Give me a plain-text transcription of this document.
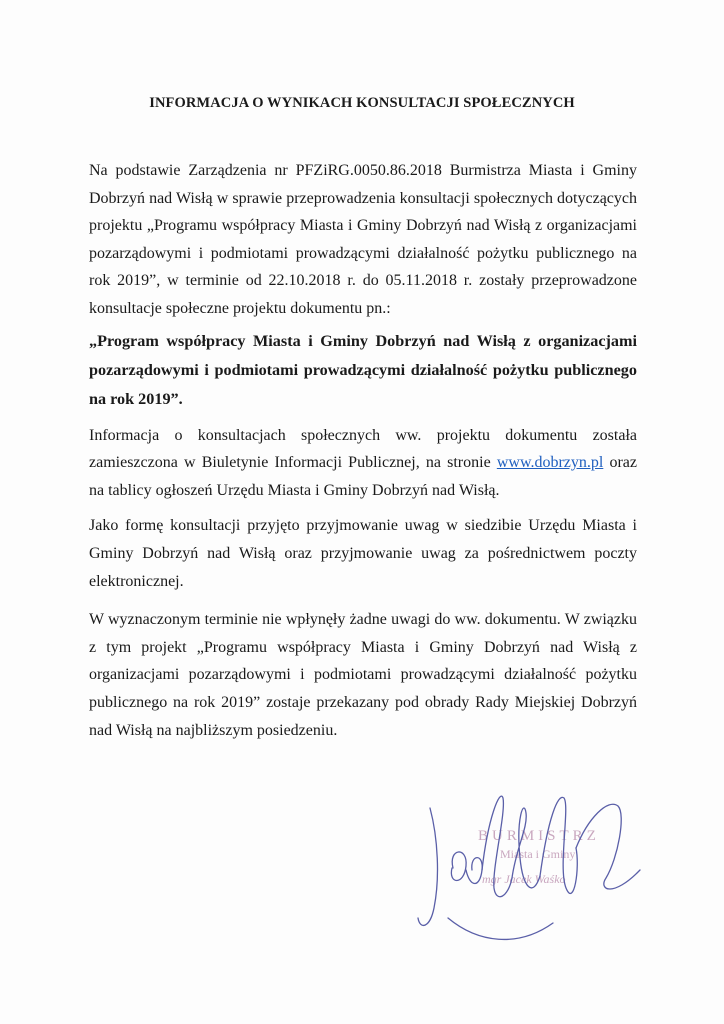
INFORMACJA O WYNIKACH KONSULTACJI SPOŁECZNYCH

Na podstawie Zarządzenia nr PFZiRG.0050.86.2018 Burmistrza Miasta i Gminy Dobrzyń nad Wisłą w sprawie przeprowadzenia konsultacji społecznych dotyczących projektu „Programu współpracy Miasta i Gminy Dobrzyń nad Wisłą z organizacjami pozarządowymi i podmiotami prowadzącymi działalność pożytku publicznego na rok 2019”, w terminie od 22.10.2018 r. do 05.11.2018 r. zostały przeprowadzone konsultacje społeczne projektu dokumentu pn.:

„Program współpracy Miasta i Gminy Dobrzyń nad Wisłą z organizacjami pozarządowymi i podmiotami prowadzącymi działalność pożytku publicznego na rok 2019”.

Informacja o konsultacjach społecznych ww. projektu dokumentu została zamieszczona w Biuletynie Informacji Publicznej, na stronie www.dobrzyn.pl oraz na tablicy ogłoszeń Urzędu Miasta i Gminy Dobrzyń nad Wisłą.

Jako formę konsultacji przyjęto przyjmowanie uwag w siedzibie Urzędu Miasta i Gminy Dobrzyń nad Wisłą oraz przyjmowanie uwag za pośrednictwem poczty elektronicznej.

W wyznaczonym terminie nie wpłynęły żadne uwagi do ww. dokumentu. W związku z tym projekt „Programu współpracy Miasta i Gminy Dobrzyń nad Wisłą z organizacjami pozarządowymi i podmiotami prowadzącymi działalność pożytku publicznego na rok 2019” zostaje przekazany pod obrady Rady Miejskiej Dobrzyń nad Wisłą na najbliższym posiedzeniu.

BURMISTRZ
Miasta i Gminy
mgr Jacek Waśko
